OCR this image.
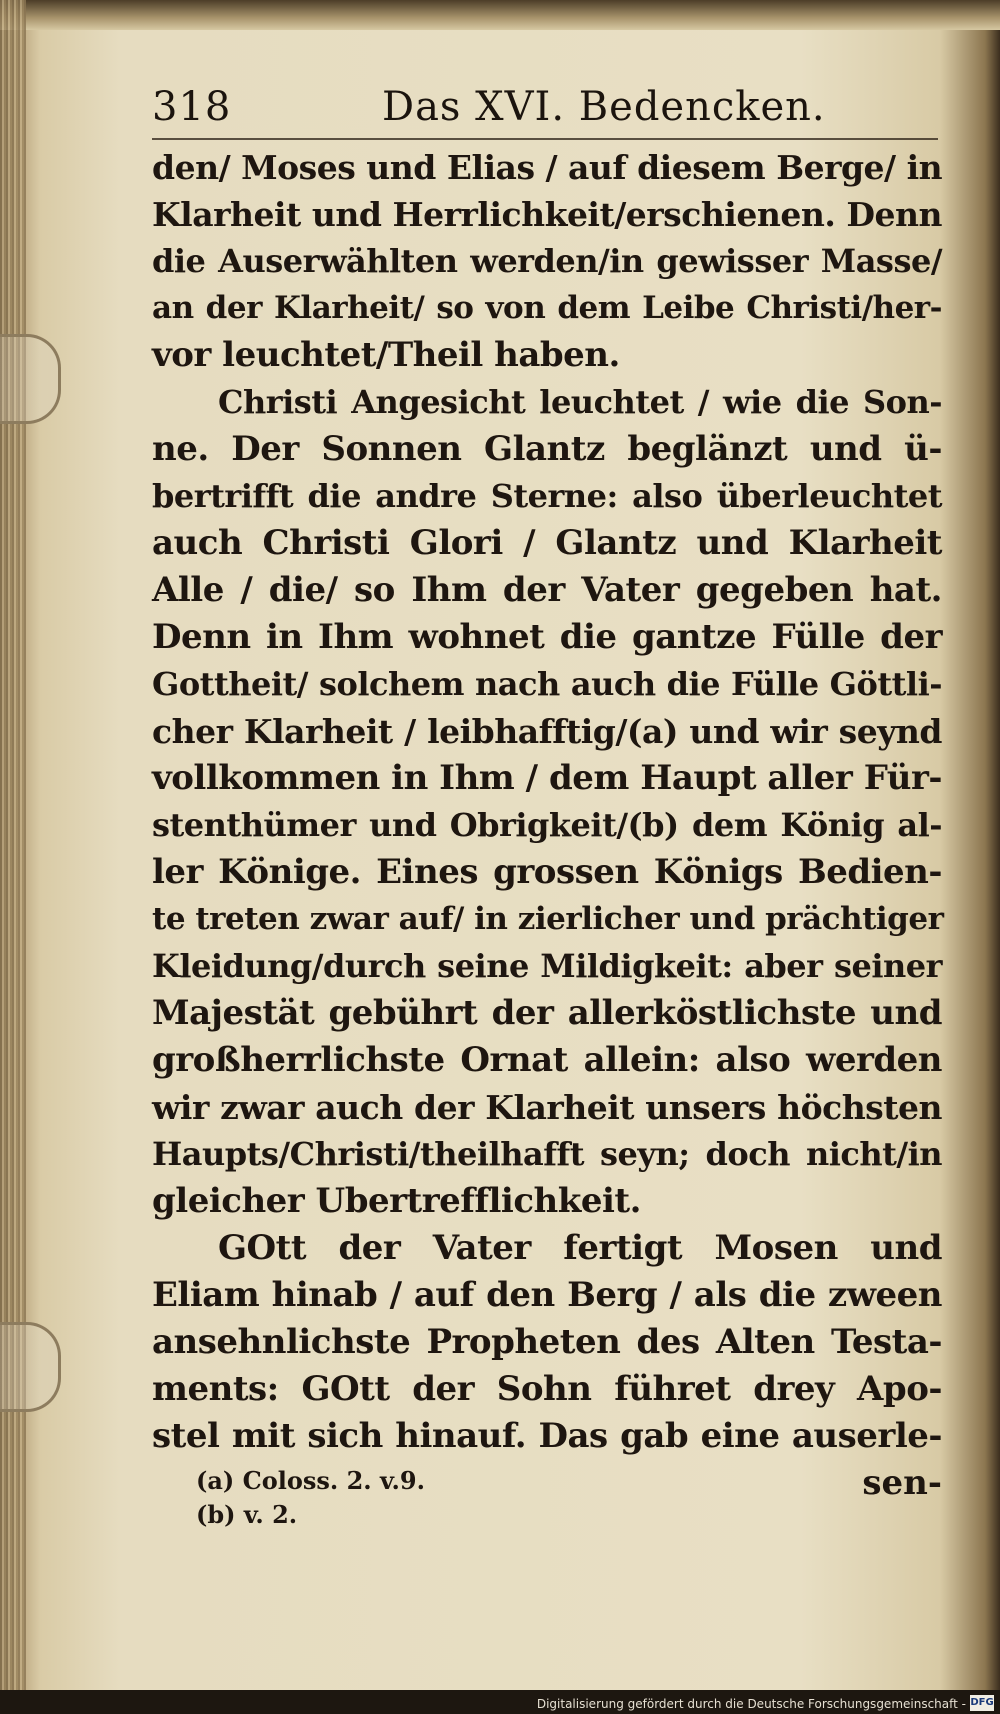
318	Das XVI. Bedencken.
den/ Moses und Elias / auf diesem Berge/ in
Klarheit und Herrlichkeit/erschienen. Denn
die Auserwählten werden/in gewisser Masse/
an der Klarheit/ so von dem Leibe Christi/her-
vor leuchtet/Theil haben.
Christi Angesicht leuchtet / wie die Son-
ne. Der Sonnen Glantz beglänzt und ü-
bertrifft die andre Sterne: also überleuchtet
auch Christi Glori / Glantz und Klarheit
Alle / die/ so Ihm der Vater gegeben hat.
Denn in Ihm wohnet die gantze Fülle der
Gottheit/ solchem nach auch die Fülle Göttli-
cher Klarheit / leibhafftig/(a) und wir seynd
vollkommen in Ihm / dem Haupt aller Für-
stenthümer und Obrigkeit/(b) dem König al-
ler Könige. Eines grossen Königs Bedien-
te treten zwar auf/ in zierlicher und prächtiger
Kleidung/durch seine Mildigkeit: aber seiner
Majestät gebührt der allerköstlichste und
großherrlichste Ornat allein: also werden
wir zwar auch der Klarheit unsers höchsten
Haupts/Christi/theilhafft seyn; doch nicht/in
gleicher Ubertrefflichkeit.
GOtt der Vater fertigt Mosen und
Eliam hinab / auf den Berg / als die zween
ansehnlichste Propheten des Alten Testa-
ments: GOtt der Sohn führet drey Apo-
stel mit sich hinauf. Das gab eine auserle-
sen-
(a) Coloss. 2. v.9.
(b) v. 2.
Digitalisierung gefördert durch die Deutsche Forschungsgemeinschaft - DFG
